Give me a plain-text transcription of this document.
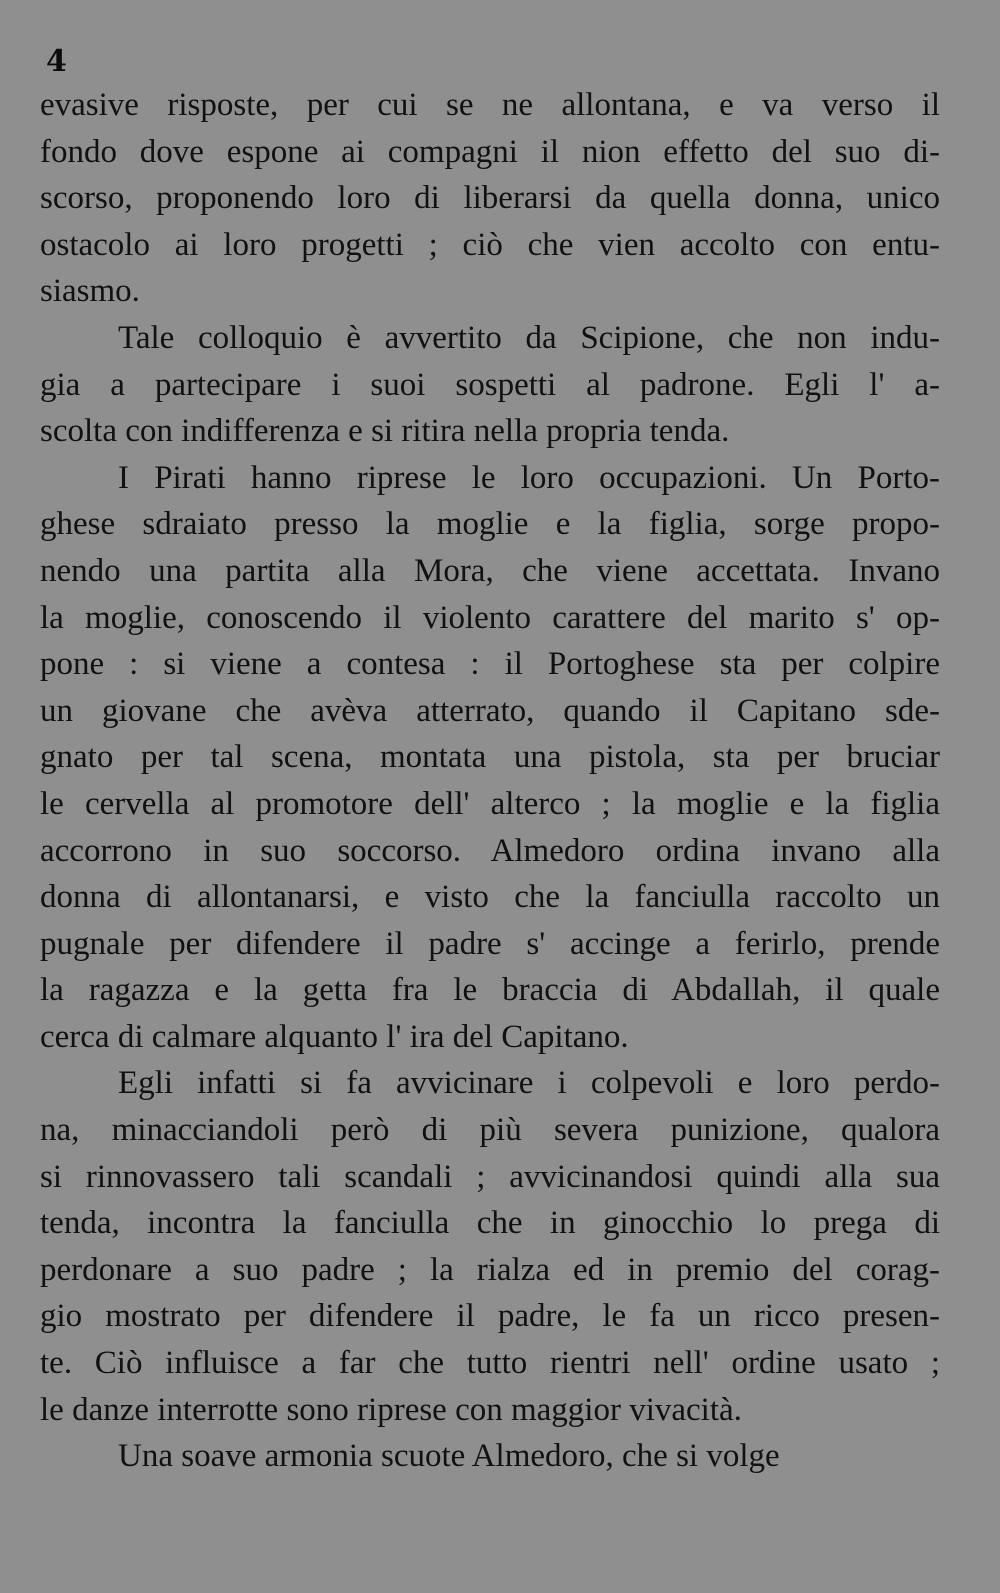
4
evasive risposte, per cui se ne allontana, e va verso il
fondo dove espone ai compagni il nion effetto del suo di-
scorso, proponendo loro di liberarsi da quella donna, unico
ostacolo ai loro progetti ; ciò che vien accolto con entu-
siasmo.
Tale colloquio è avvertito da Scipione, che non indu-
gia a partecipare i suoi sospetti al padrone. Egli l' a-
scolta con indifferenza e si ritira nella propria tenda.
I Pirati hanno riprese le loro occupazioni. Un Porto-
ghese sdraiato presso la moglie e la figlia, sorge propo-
nendo una partita alla Mora, che viene accettata. Invano
la moglie, conoscendo il violento carattere del marito s' op-
pone : si viene a contesa : il Portoghese sta per colpire
un giovane che avèva atterrato, quando il Capitano sde-
gnato per tal scena, montata una pistola, sta per bruciar
le cervella al promotore dell' alterco ; la moglie e la figlia
accorrono in suo soccorso. Almedoro ordina invano alla
donna di allontanarsi, e visto che la fanciulla raccolto un
pugnale per difendere il padre s' accinge a ferirlo, prende
la ragazza e la getta fra le braccia di Abdallah, il quale
cerca di calmare alquanto l' ira del Capitano.
Egli infatti si fa avvicinare i colpevoli e loro perdo-
na, minacciandoli però di più severa punizione, qualora
si rinnovassero tali scandali ; avvicinandosi quindi alla sua
tenda, incontra la fanciulla che in ginocchio lo prega di
perdonare a suo padre ; la rialza ed in premio del corag-
gio mostrato per difendere il padre, le fa un ricco presen-
te. Ciò influisce a far che tutto rientri nell' ordine usato ;
le danze interrotte sono riprese con maggior vivacità.
Una soave armonia scuote Almedoro, che si volge
